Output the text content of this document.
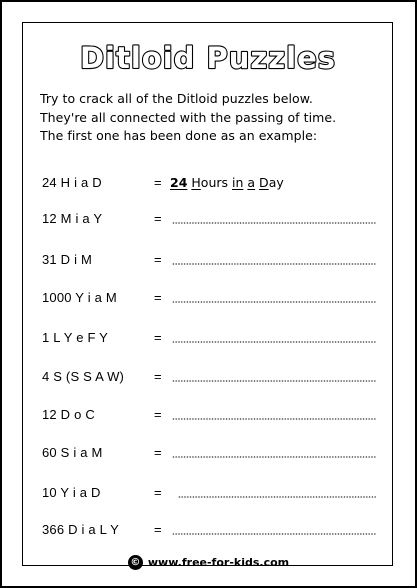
Ditloid Puzzles
Try to crack all of the Ditloid puzzles below.
They're all connected with the passing of time.
The first one has been done as an example:
24 H i a D	= 24 Hours in a Day
12 M i a Y	=
31 D i M	=
1000 Y i a M	=
1 L Y e F Y	=
4 S (S S A W) =
12 D o C	=
60 S i a M	=
10 Y i a D	=
366 D i a L Y	=
© www.free-for-kids.com
